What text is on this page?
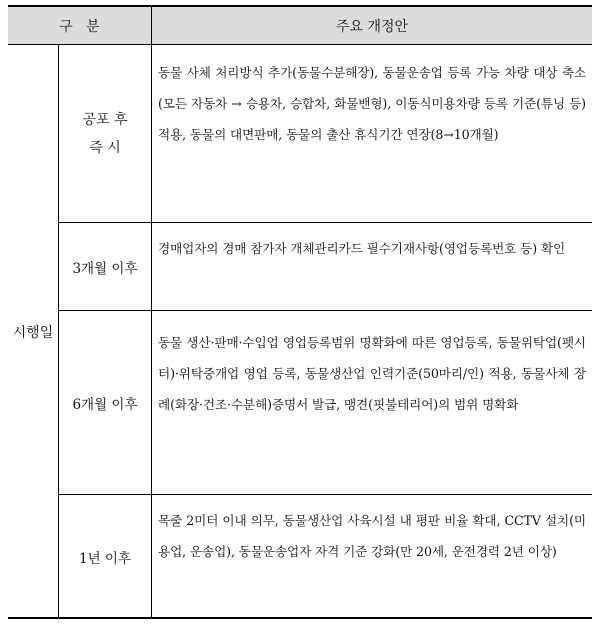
구   분	주요 개정안
시행일
공포 후
즉 시
동물 사체 처리방식 추가(동물수분해장), 동물운송업 등록 가능 차량 대상 축소(모든 자동차 → 승용차, 승합차, 화물밴형), 이동식미용차량 등록 기준(튜닝 등) 적용, 동물의 대면판매, 동물의 출산 휴식기간 연장(8→10개월)
3개월 이후
경매업자의 경매 참가자 개체관리카드 필수기재사항(영업등록번호 등) 확인
6개월 이후
동물 생산·판매·수입업 영업등록범위 명확화에 따른 영업등록, 동물위탁업(펫시터)·위탁중개업 영업 등록, 동물생산업 인력기준(50마리/인) 적용, 동물사체 장례(화장·건조·수분해)증명서 발급, 맹견(핏불테리어)의 범위 명확화
1년 이후
목줄 2미터 이내 의무, 동물생산업 사육시설 내 평판 비율 확대, CCTV 설치(미용업, 운송업), 동물운송업자 자격 기준 강화(만 20세, 운전경력 2년 이상)
